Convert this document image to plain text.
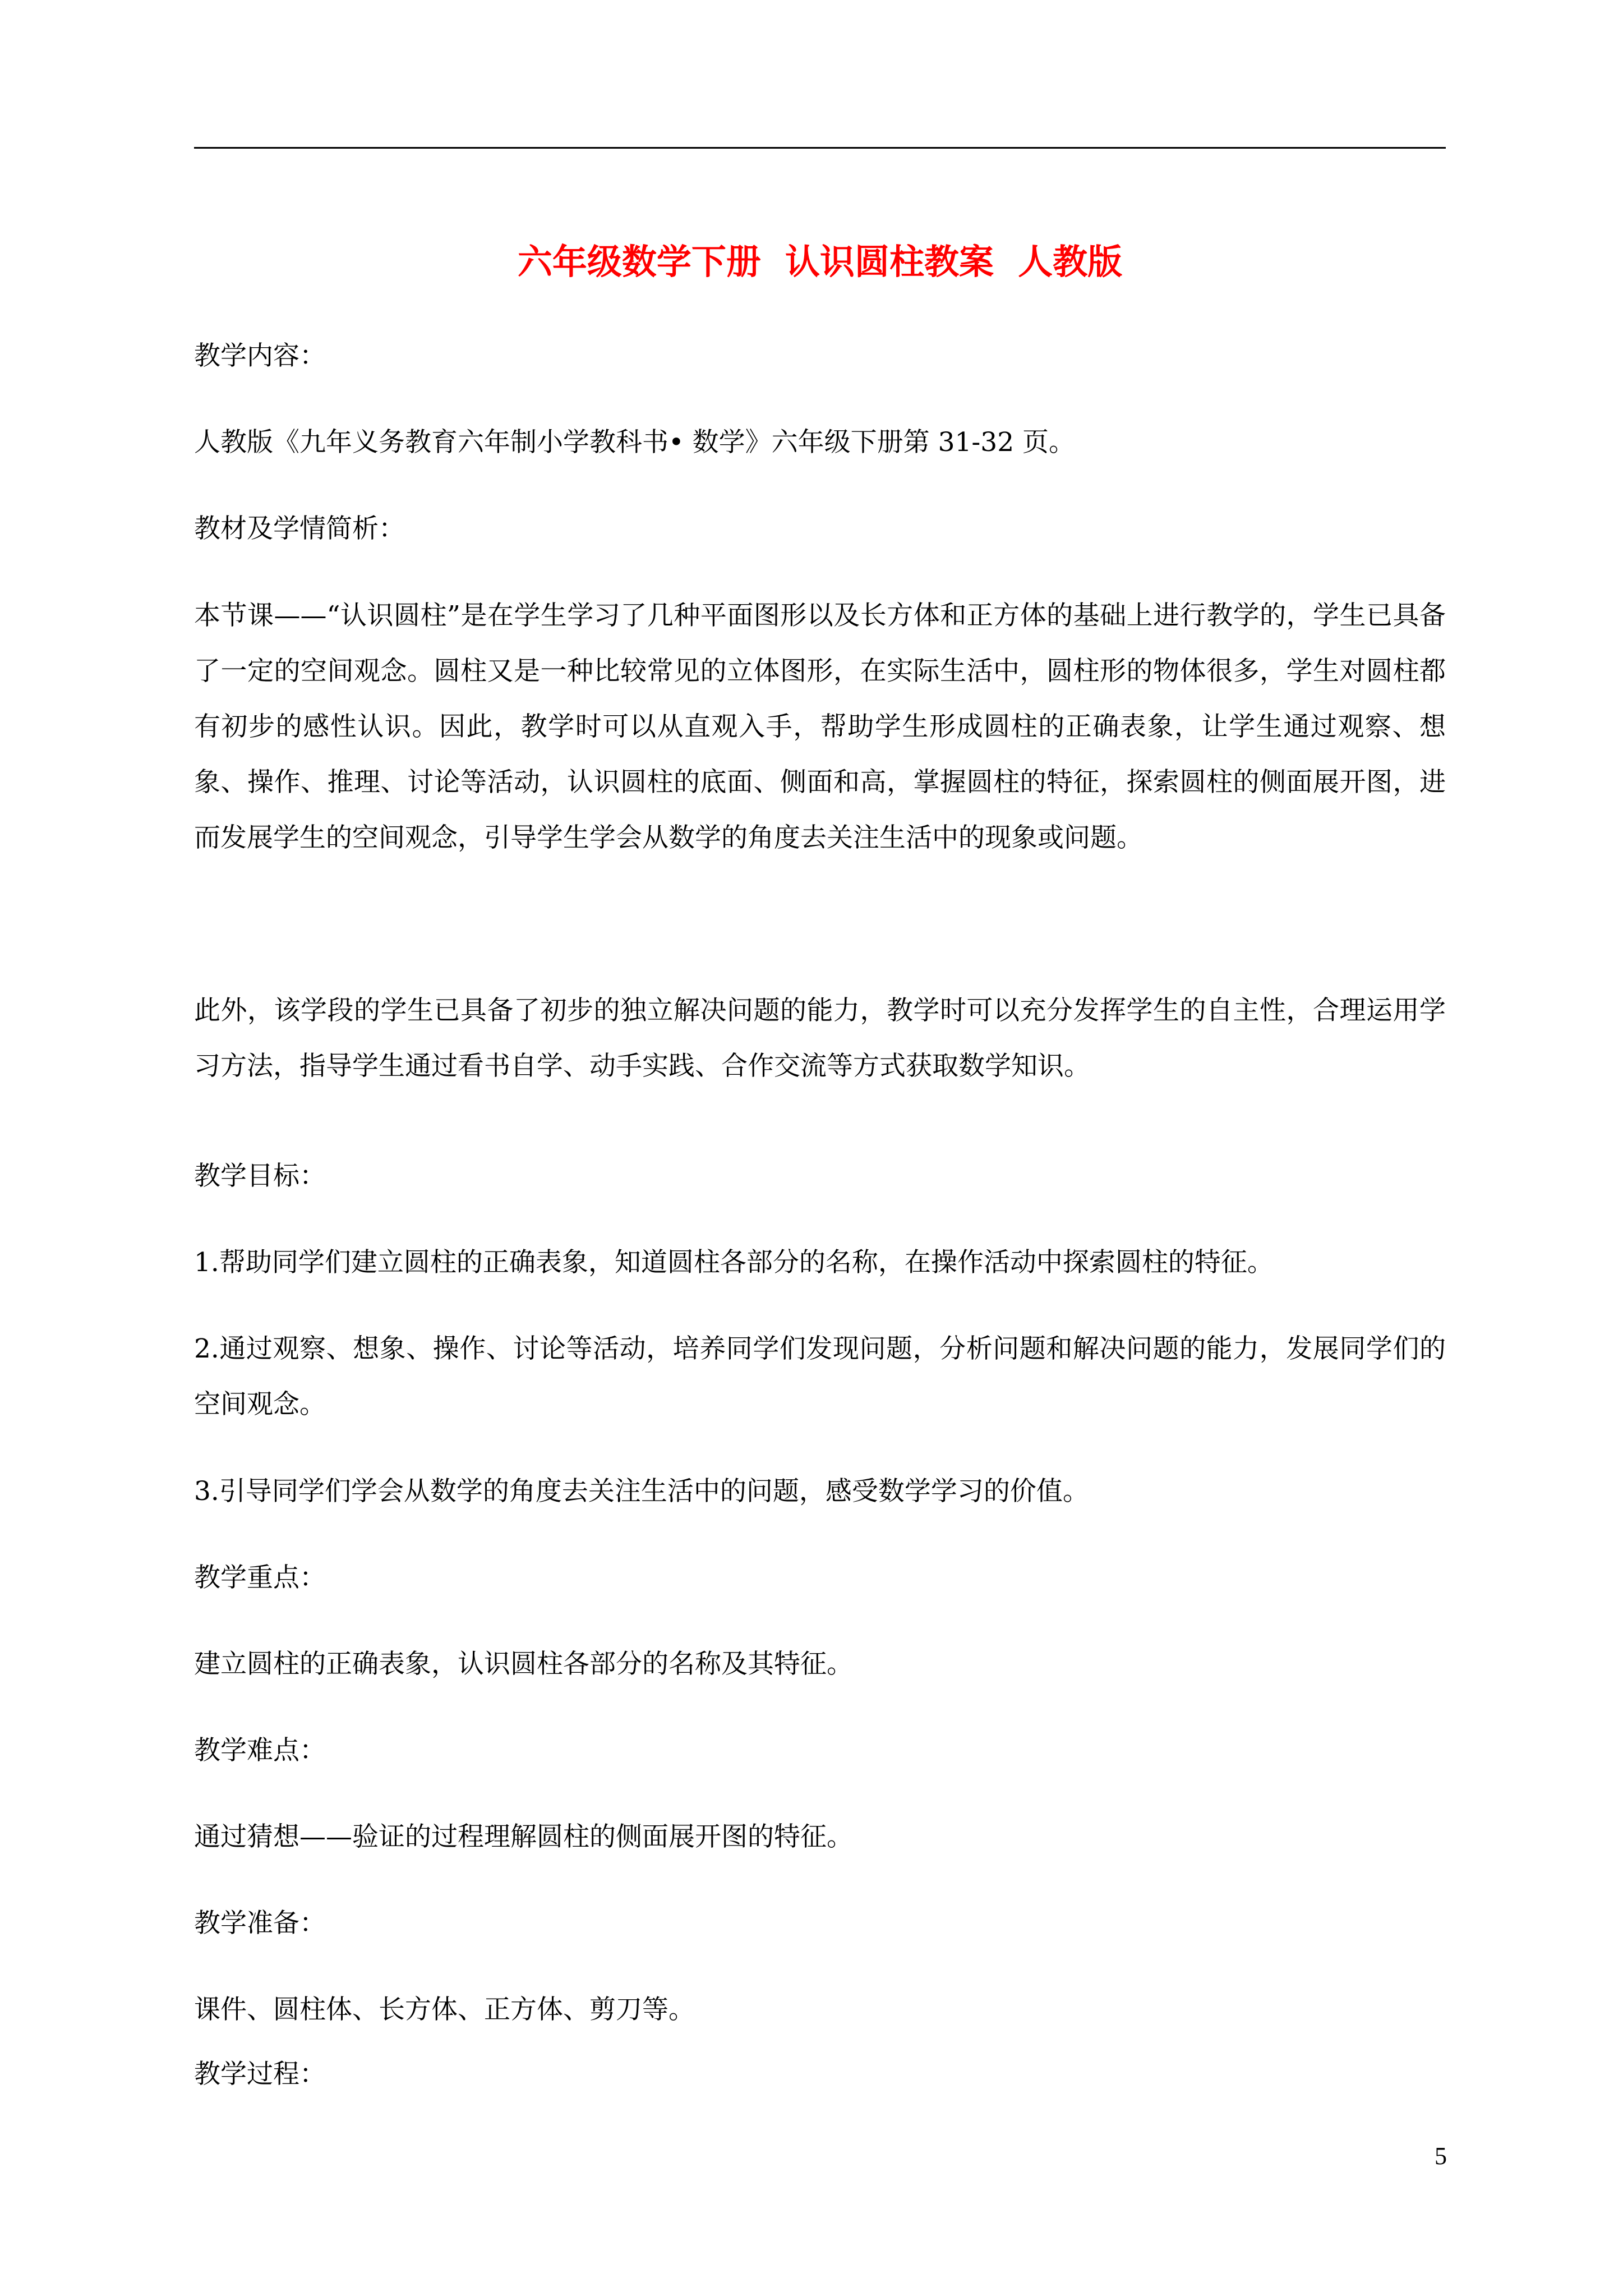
六年级数学下册  认识圆柱教案  人教版

教学内容：

人教版《九年义务教育六年制小学教科书• 数学》六年级下册第 31-32 页。

教材及学情简析：

本节课——“认识圆柱”是在学生学习了几种平面图形以及长方体和正方体的基础上进行教学的，学生已具备了一定的空间观念。圆柱又是一种比较常见的立体图形，在实际生活中，圆柱形的物体很多，学生对圆柱都有初步的感性认识。因此，教学时可以从直观入手，帮助学生形成圆柱的正确表象，让学生通过观察、想象、操作、推理、讨论等活动，认识圆柱的底面、侧面和高，掌握圆柱的特征，探索圆柱的侧面展开图，进而发展学生的空间观念，引导学生学会从数学的角度去关注生活中的现象或问题。

此外，该学段的学生已具备了初步的独立解决问题的能力，教学时可以充分发挥学生的自主性，合理运用学习方法，指导学生通过看书自学、动手实践、合作交流等方式获取数学知识。

教学目标：

1.帮助同学们建立圆柱的正确表象，知道圆柱各部分的名称，在操作活动中探索圆柱的特征。

2.通过观察、想象、操作、讨论等活动，培养同学们发现问题，分析问题和解决问题的能力，发展同学们的空间观念。

3.引导同学们学会从数学的角度去关注生活中的问题，感受数学学习的价值。

教学重点：

建立圆柱的正确表象，认识圆柱各部分的名称及其特征。

教学难点：

通过猜想——验证的过程理解圆柱的侧面展开图的特征。

教学准备：

课件、圆柱体、长方体、正方体、剪刀等。

教学过程：

5
